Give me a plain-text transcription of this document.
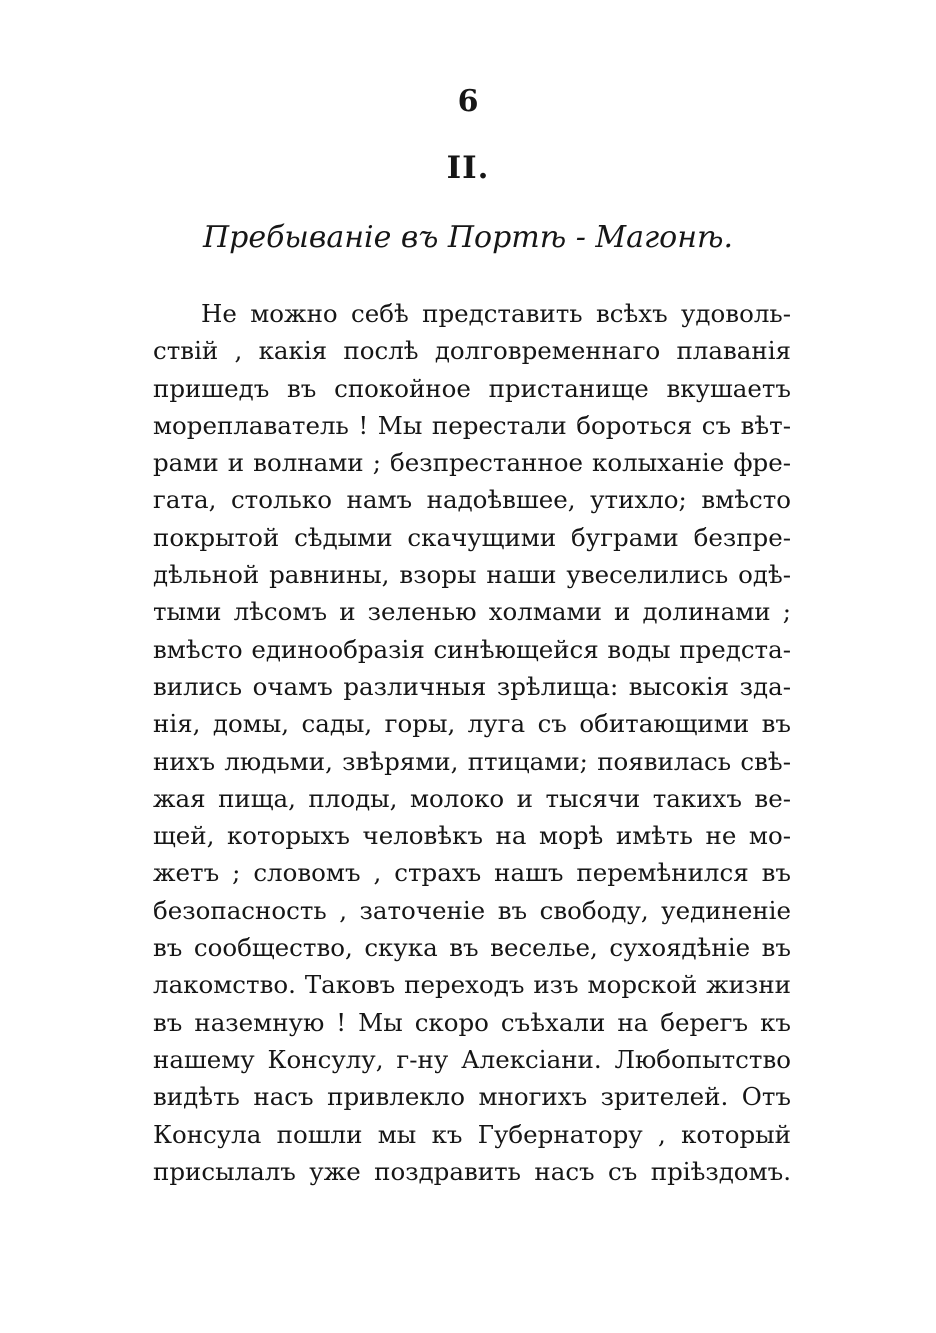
6
II.
Пребыванiе въ Портѣ - Магонѣ.
Не можно себѣ представить всѣхъ удоволь-
ствiй , какiя послѣ долговременнаго плаванiя
пришедъ въ спокойное пристанище вкушаетъ
мореплаватель ! Мы перестали бороться съ вѣт-
рами и волнами ; безпрестанное колыханiе фре-
гата, столько намъ надоѣвшее, утихло; вмѣсто
покрытой сѣдыми скачущими буграми безпре-
дѣльной равнины, взоры наши увеселились одѣ-
тыми лѣсомъ и зеленью холмами и долинами ;
вмѣсто единообразiя синѣющейся воды предста-
вились очамъ различныя зрѣлища: высокiя зда-
нiя, домы, сады, горы, луга съ обитающими въ
нихъ людьми, звѣрями, птицами; появилась свѣ-
жая пища, плоды, молоко и тысячи такихъ ве-
щей, которыхъ человѣкъ на морѣ имѣть не мо-
жетъ ; словомъ , страхъ нашъ перемѣнился въ
безопасность , заточенiе въ свободу, уединенiе
въ сообщество, скука въ веселье, сухоядѣнiе въ
лакомство. Таковъ переходъ изъ морской жизни
въ наземную ! Мы скоро съѣхали на берегъ къ
нашему Консулу, г-ну Алексiани. Любопытство
видѣть насъ привлекло многихъ зрителей. Отъ
Консула пошли мы къ Губернатору , который
присылалъ уже поздравить насъ съ прiѣздомъ.
